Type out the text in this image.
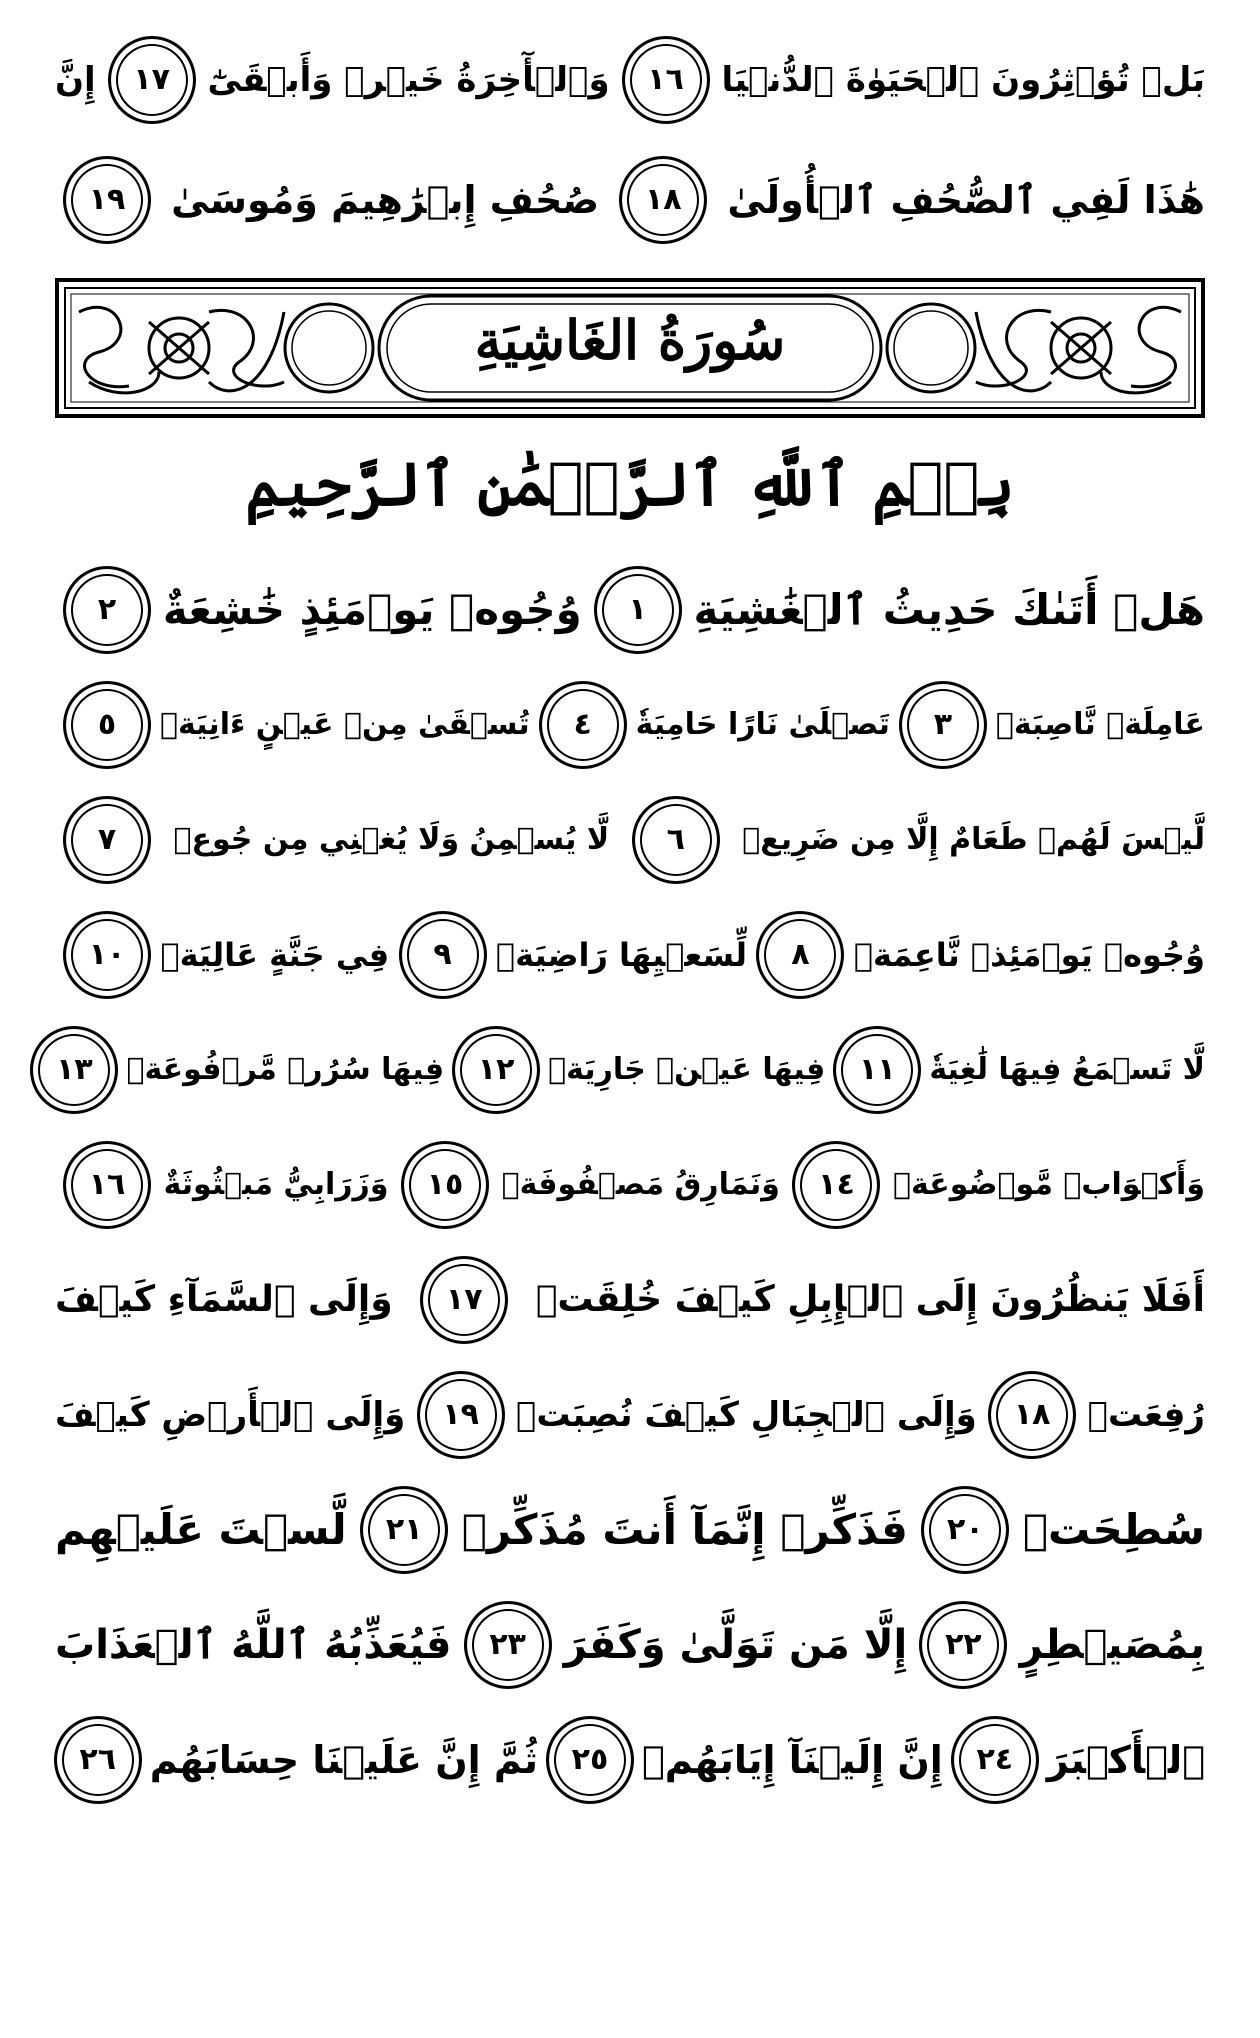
سُورَةُ الغَاشِيَةِ
بِسۡمِ ٱللَّهِ ٱلرَّحۡمَٰنِ ٱلرَّحِيمِ
بَلۡ تُؤۡثِرُونَ ٱلۡحَيَوٰةَ ٱلدُّنۡيَا
١٦
وَٱلۡأٓخِرَةُ خَيۡرٞ وَأَبۡقَىٰٓ
١٧
إِنَّ
هَٰذَا لَفِي ٱلصُّحُفِ ٱلۡأُولَىٰ
١٨
صُحُفِ إِبۡرَٰهِيمَ وَمُوسَىٰ
١٩
هَلۡ أَتَىٰكَ حَدِيثُ ٱلۡغَٰشِيَةِ
١
وُجُوهٞ يَوۡمَئِذٍ خَٰشِعَةٌ
٢
عَامِلَةٞ نَّاصِبَةٞ
٣
تَصۡلَىٰ نَارًا حَامِيَةٗ
٤
تُسۡقَىٰ مِنۡ عَيۡنٍ ءَانِيَةٖ
٥
لَّيۡسَ لَهُمۡ طَعَامٌ إِلَّا مِن ضَرِيعٖ
٦
لَّا يُسۡمِنُ وَلَا يُغۡنِي مِن جُوعٖ
٧
وُجُوهٞ يَوۡمَئِذٖ نَّاعِمَةٞ
٨
لِّسَعۡيِهَا رَاضِيَةٞ
٩
فِي جَنَّةٍ عَالِيَةٖ
١٠
لَّا تَسۡمَعُ فِيهَا لَٰغِيَةٗ
١١
فِيهَا عَيۡنٞ جَارِيَةٞ
١٢
فِيهَا سُرُرٞ مَّرۡفُوعَةٞ
١٣
وَأَكۡوَابٞ مَّوۡضُوعَةٞ
١٤
وَنَمَارِقُ مَصۡفُوفَةٞ
١٥
وَزَرَابِيُّ مَبۡثُوثَةٌ
١٦
أَفَلَا يَنظُرُونَ إِلَى ٱلۡإِبِلِ كَيۡفَ خُلِقَتۡ
١٧
وَإِلَى ٱلسَّمَآءِ كَيۡفَ
رُفِعَتۡ
١٨
وَإِلَى ٱلۡجِبَالِ كَيۡفَ نُصِبَتۡ
١٩
وَإِلَى ٱلۡأَرۡضِ كَيۡفَ
سُطِحَتۡ
٢٠
فَذَكِّرۡ إِنَّمَآ أَنتَ مُذَكِّرٞ
٢١
لَّسۡتَ عَلَيۡهِم
بِمُصَيۡطِرٍ
٢٢
إِلَّا مَن تَوَلَّىٰ وَكَفَرَ
٢٣
فَيُعَذِّبُهُ ٱللَّهُ ٱلۡعَذَابَ
ٱلۡأَكۡبَرَ
٢٤
إِنَّ إِلَيۡنَآ إِيَابَهُمۡ
٢٥
ثُمَّ إِنَّ عَلَيۡنَا حِسَابَهُم
٢٦
